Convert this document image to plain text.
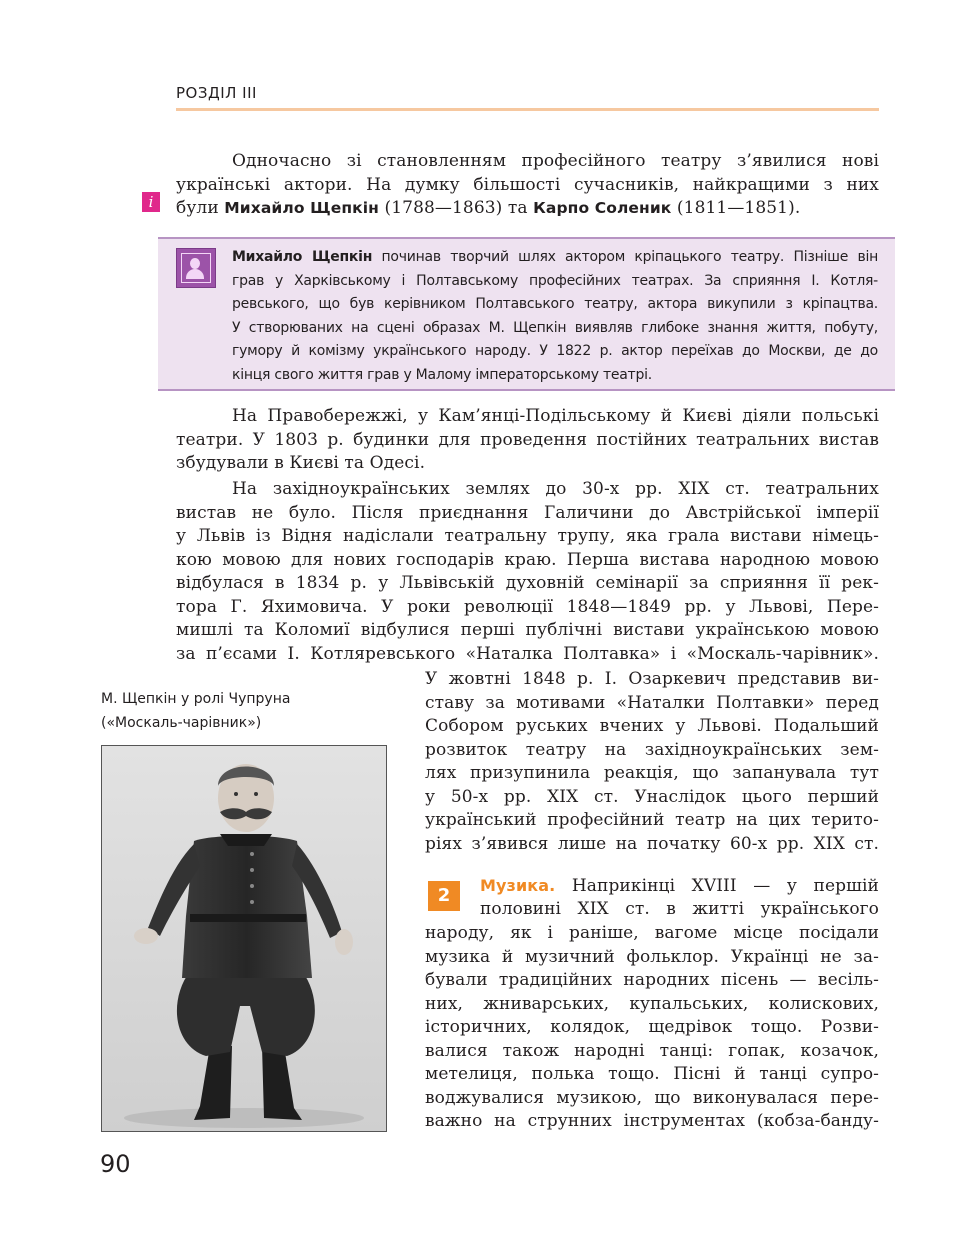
РОЗДІЛ III
i
Одночасно зі становленням професійного театру з’явилися нові
українські актори. На думку більшості сучасників, найкращими з них
були Михайло Щепкін (1788—1863) та Карпо Соленик (1811—1851).
Михайло Щепкін починав творчий шлях актором кріпацького театру. Пізніше він
грав у Харківському і Полтавському професійних театрах. За сприяння І. Котля-
ревського, що був керівником Полтавського театру, актора викупили з кріпацтва.
У створюваних на сцені образах М. Щепкін виявляв глибоке знання життя, побуту,
гумору й комізму українського народу. У 1822 р. актор переїхав до Москви, де до
кінця свого життя грав у Малому імператорському театрі.
На Правобережжі, у Кам’янці-Подільському й Києві діяли польські
театри. У 1803 р. будинки для проведення постійних театральних вистав
збудували в Києві та Одесі.
На західноукраїнських землях до 30-х рр. XIX ст. театральних
вистав не було. Після приєднання Галичини до Австрійської імперії
у Львів із Відня надіслали театральну трупу, яка грала вистави німець-
кою мовою для нових господарів краю. Перша вистава народною мовою
відбулася в 1834 р. у Львівській духовній семінарії за сприяння її рек-
тора Г. Яхимовича. У роки революції 1848—1849 рр. у Львові, Пере-
мишлі та Коломиї відбулися перші публічні вистави українською мовою
за п’єсами І. Котляревського «Наталка Полтавка» і «Москаль-чарівник».
У жовтні 1848 р. І. Озаркевич представив ви-
ставу за мотивами «Наталки Полтавки» перед
Собором руських вчених у Львові. Подальший
розвиток театру на західноукраїнських зем-
лях призупинила реакція, що запанувала тут
у 50-х рр. XIX ст. Унаслідок цього перший
український професійний театр на цих терито-
ріях з’явився лише на початку 60-х рр. XIX ст.
М. Щепкін у ролі Чупруна
(«Москаль-чарівник»)
2	Музика. Наприкінці XVIII — у першій
половині XIX ст. в житті українського
народу, як і раніше, вагоме місце посідали
музика й музичний фольклор. Українці не за-
бували традиційних народних пісень — весіль-
них, жниварських, купальських, колискових,
історичних, колядок, щедрівок тощо. Розви-
валися також народні танці: гопак, козачок,
метелиця, полька тощо. Пісні й танці супро-
воджувалися музикою, що виконувалася пере-
важно на струнних інструментах (кобза-банду-
90
